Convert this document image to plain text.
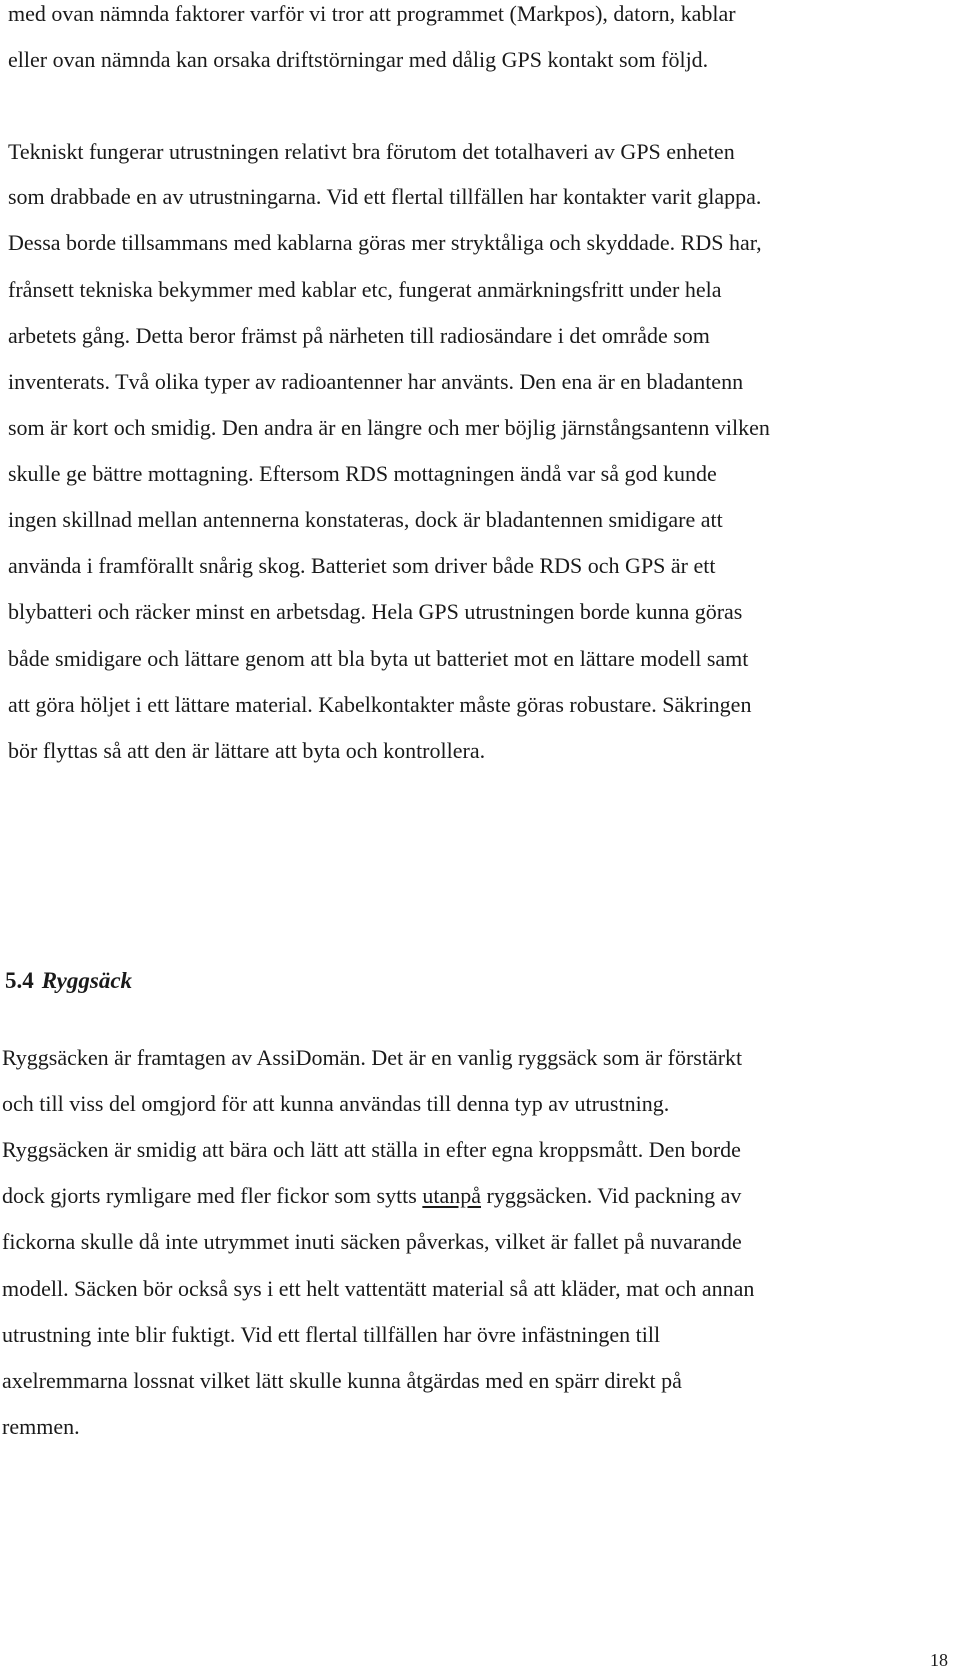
med ovan nämnda faktorer varför vi tror att programmet (Markpos), datorn, kablar
eller ovan nämnda kan orsaka driftstörningar med dålig GPS kontakt som följd.
Tekniskt fungerar utrustningen relativt bra förutom det totalhaveri av GPS enheten
som drabbade en av utrustningarna. Vid ett flertal tillfällen har kontakter varit glappa.
Dessa borde tillsammans med kablarna göras mer stryktåliga och skyddade. RDS har,
frånsett tekniska bekymmer med kablar etc, fungerat anmärkningsfritt under hela
arbetets gång. Detta beror främst på närheten till radiosändare i det område som
inventerats. Två olika typer av radioantenner har använts. Den ena är en bladantenn
som är kort och smidig. Den andra är en längre och mer böjlig järnstångsantenn vilken
skulle ge bättre mottagning. Eftersom RDS mottagningen ändå var så god kunde
ingen skillnad mellan antennerna konstateras, dock är bladantennen smidigare att
använda i framförallt snårig skog. Batteriet som driver både RDS och GPS är ett
blybatteri och räcker minst en arbetsdag. Hela GPS utrustningen borde kunna göras
både smidigare och lättare genom att bla byta ut batteriet mot en lättare modell samt
att göra höljet i ett lättare material. Kabelkontakter måste göras robustare. Säkringen
bör flyttas så att den är lättare att byta och kontrollera.
5.4 Ryggsäck
Ryggsäcken är framtagen av AssiDomän. Det är en vanlig ryggsäck som är förstärkt
och till viss del omgjord för att kunna användas till denna typ av utrustning.
Ryggsäcken är smidig att bära och lätt att ställa in efter egna kroppsmått. Den borde
dock gjorts rymligare med fler fickor som sytts utanpå ryggsäcken. Vid packning av
fickorna skulle då inte utrymmet inuti säcken påverkas, vilket är fallet på nuvarande
modell. Säcken bör också sys i ett helt vattentätt material så att kläder, mat och annan
utrustning inte blir fuktigt. Vid ett flertal tillfällen har övre infästningen till
axelremmarna lossnat vilket lätt skulle kunna åtgärdas med en spärr direkt på
remmen.
18
